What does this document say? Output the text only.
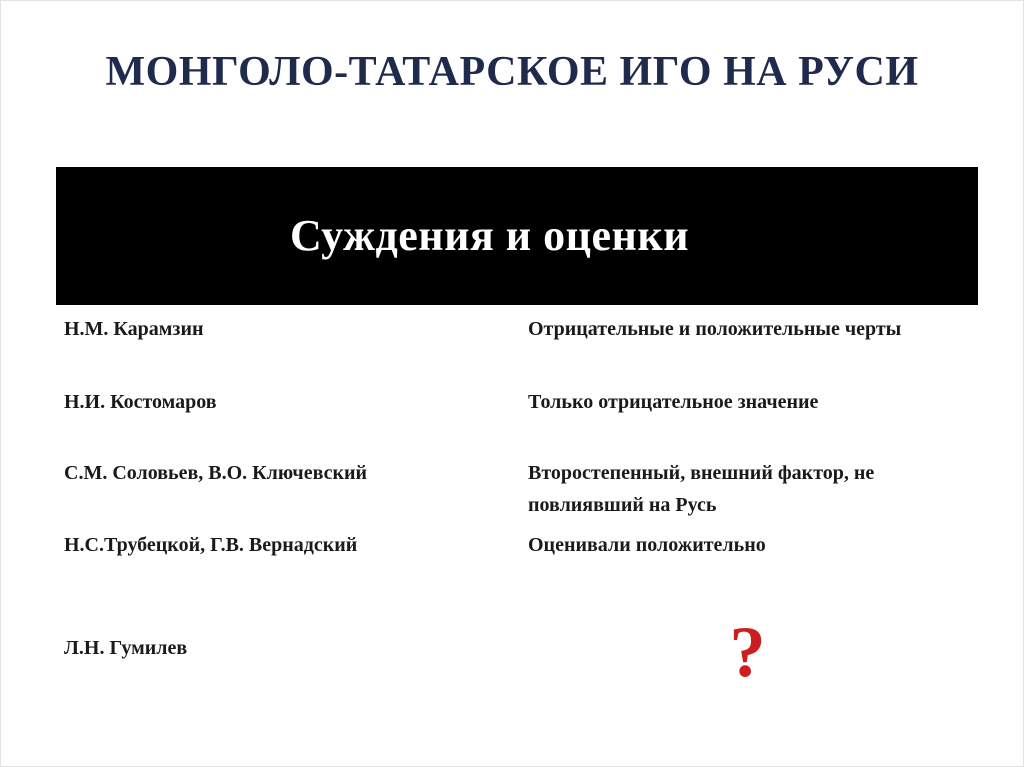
МОНГОЛО-ТАТАРСКОЕ ИГО НА РУСИ
Суждения и оценки
Н.М. Карамзин	Отрицательные и положительные черты
Н.И. Костомаров	Только отрицательное значение
С.М. Соловьев, В.О. Ключевский	Второстепенный, внешний фактор, не повлиявший на Русь
Н.С.Трубецкой, Г.В. Вернадский	Оценивали положительно
Л.Н. Гумилев	?
